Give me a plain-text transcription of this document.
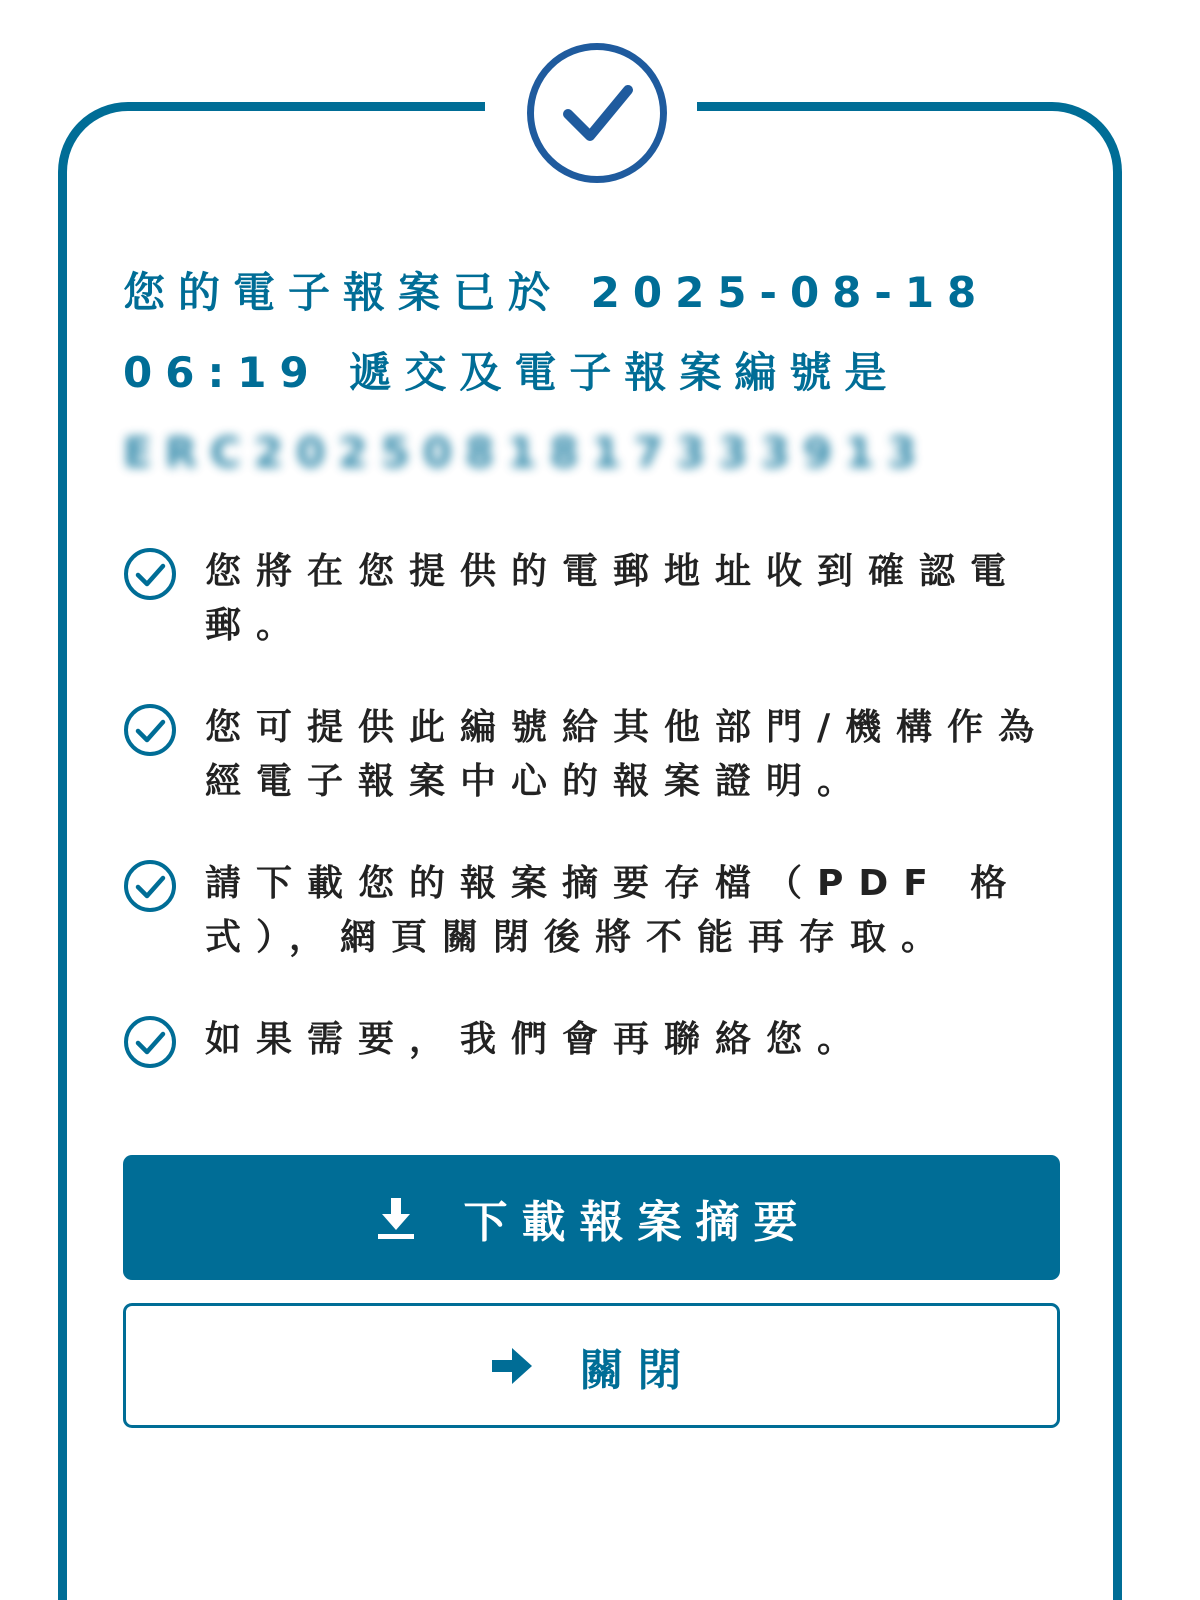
您的電子報案已於 2025-08-18
06:19 遞交及電子報案編號是
ERC2025081817333913
您將在您提供的電郵地址收到確認電
郵。
您可提供此編號給其他部門/機構作為
經電子報案中心的報案證明。
請下載您的報案摘要存檔（PDF 格
式），網頁關閉後將不能再存取。
如果需要，我們會再聯絡您。
下載報案摘要
關閉
